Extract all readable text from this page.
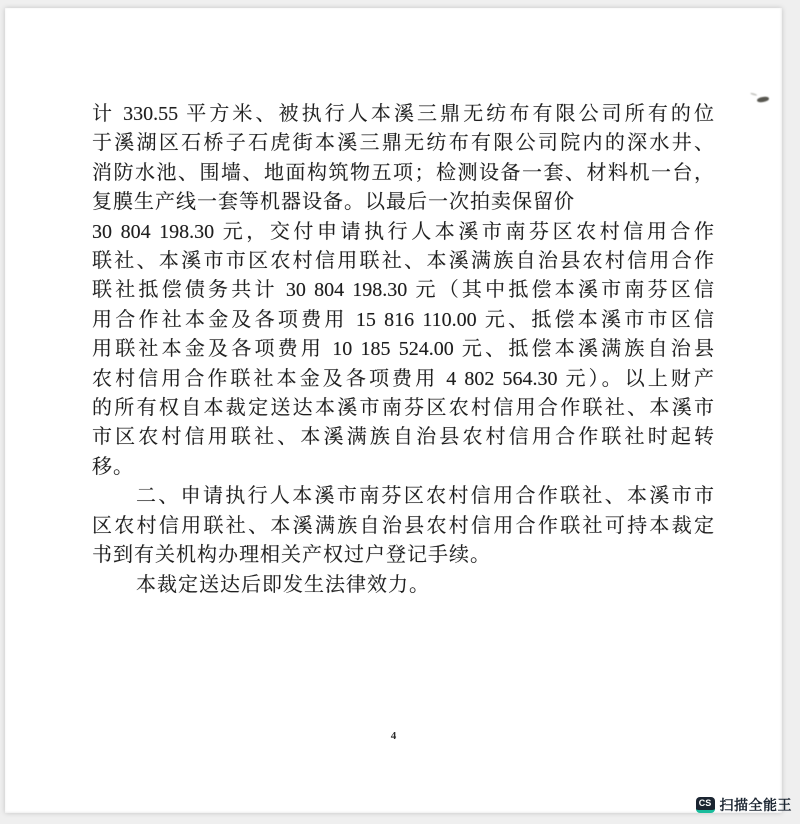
计 330.55 平方米、被执行人本溪三鼎无纺布有限公司所有的位
于溪湖区石桥子石虎街本溪三鼎无纺布有限公司院内的深水井、
消防水池、围墙、地面构筑物五项；检测设备一套、材料机一台，
复膜生产线一套等机器设备。以最后一次拍卖保留价
30 804 198.30 元，交付申请执行人本溪市南芬区农村信用合作
联社、本溪市市区农村信用联社、本溪满族自治县农村信用合作
联社抵偿债务共计 30 804 198.30 元（其中抵偿本溪市南芬区信
用合作社本金及各项费用 15 816 110.00 元、抵偿本溪市市区信
用联社本金及各项费用 10 185 524.00 元、抵偿本溪满族自治县
农村信用合作联社本金及各项费用 4 802 564.30 元）。以上财产
的所有权自本裁定送达本溪市南芬区农村信用合作联社、本溪市
市区农村信用联社、本溪满族自治县农村信用合作联社时起转
移。
二、申请执行人本溪市南芬区农村信用合作联社、本溪市市
区农村信用联社、本溪满族自治县农村信用合作联社可持本裁定
书到有关机构办理相关产权过户登记手续。
本裁定送达后即发生法律效力。
4
CS 扫描全能王
